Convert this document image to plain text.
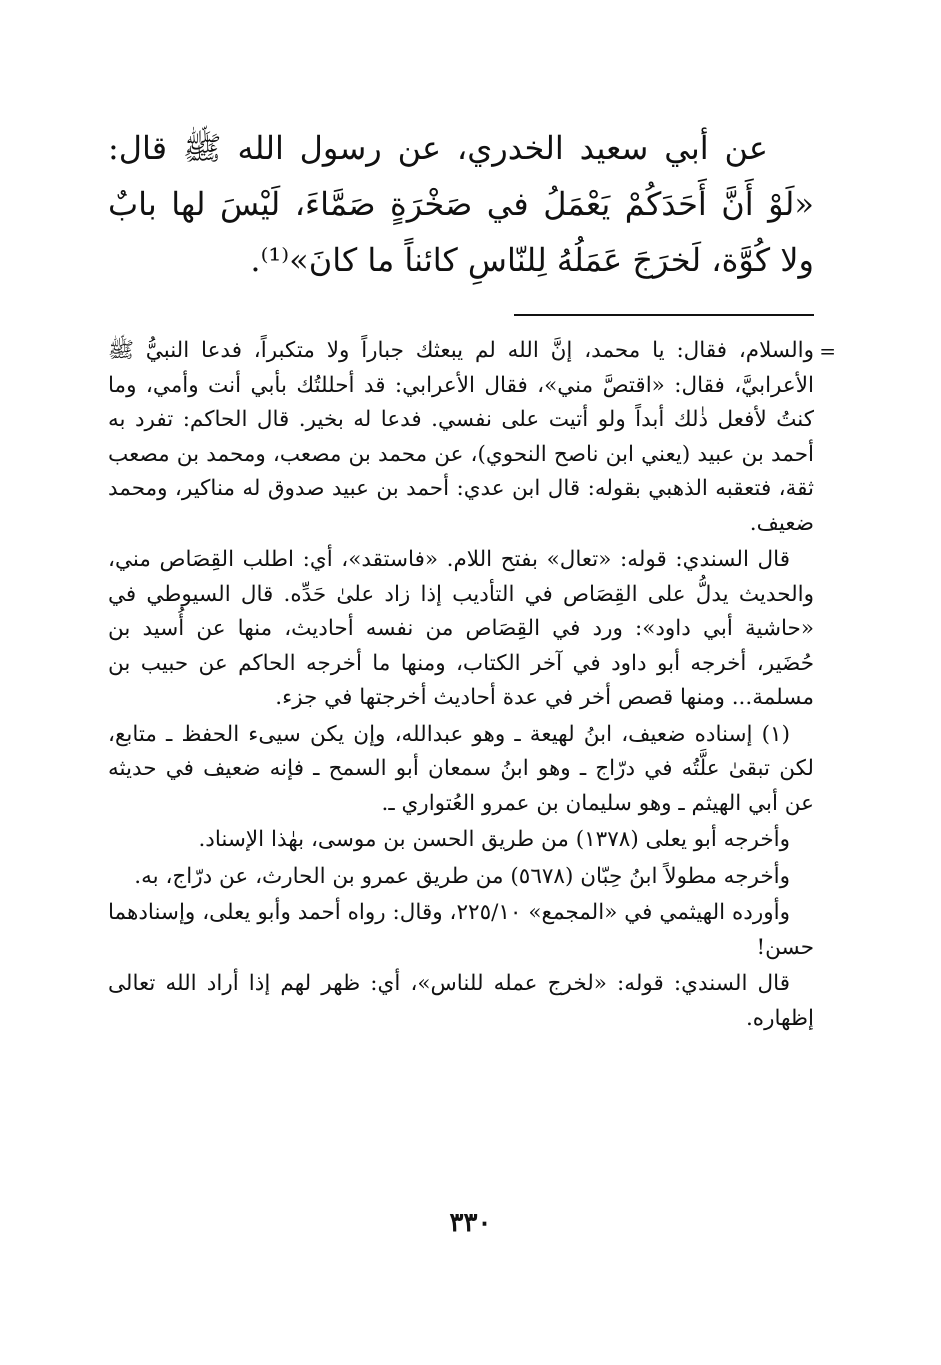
عن أبي سعيد الخدري، عن رسول الله ﷺ قال: «لَوْ أَنَّ أَحَدَكُمْ يَعْمَلُ في صَخْرَةٍ صَمَّاءَ، لَيْسَ لها بابٌ ولا كُوَّة، لَخرَجَ عَمَلُهُ لِلنّاسِ كائناً ما كانَ»⁽¹⁾.

=
والسلام، فقال: يا محمد، إنَّ الله لم يبعثك جباراً ولا متكبراً، فدعا النبيُّ ﷺ الأعرابيَّ، فقال: «اقتصَّ مني»، فقال الأعرابي: قد أحللتُك بأبي أنت وأمي، وما كنتُ لأفعل ذٰلك أبداً ولو أتيت على نفسي. فدعا له بخير. قال الحاكم: تفرد به أحمد بن عبيد (يعني ابن ناصح النحوي)، عن محمد بن مصعب، ومحمد بن مصعب ثقة، فتعقبه الذهبي بقوله: قال ابن عدي: أحمد بن عبيد صدوق له مناكير، ومحمد ضعيف.

قال السندي: قوله: «تعال» بفتح اللام. «فاستقد»، أي: اطلب القِصَاص مني، والحديث يدلُّ على القِصَاص في التأديب إذا زاد علىٰ حَدِّه. قال السيوطي في «حاشية أبي داود»: ورد في القِصَاص من نفسه أحاديث، منها عن أُسيد بن حُضَير، أخرجه أبو داود في آخر الكتاب، ومنها ما أخرجه الحاكم عن حبيب بن مسلمة... ومنها قصص أخر في عدة أحاديث أخرجتها في جزء.

(١) إسناده ضعيف، ابنُ لهيعة ـ وهو عبدالله، وإن يكن سيىء الحفظ ـ متابع، لكن تبقىٰ علَّتُه في درّاج ـ وهو ابنُ سمعان أبو السمح ـ فإنه ضعيف في حديثه عن أبي الهيثم ـ وهو سليمان بن عمرو العُتواري ـ.

وأخرجه أبو يعلى (١٣٧٨) من طريق الحسن بن موسى، بهٰذا الإسناد.

وأخرجه مطولاً ابنُ حِبّان (٥٦٧٨) من طريق عمرو بن الحارث، عن درّاج، به.

وأورده الهيثمي في «المجمع» ٢٢٥/١٠، وقال: رواه أحمد وأبو يعلى، وإسنادهما حسن!

قال السندي: قوله: «لخرج عمله للناس»، أي: ظهر لهم إذا أراد الله تعالى إظهاره.

٣٣٠
